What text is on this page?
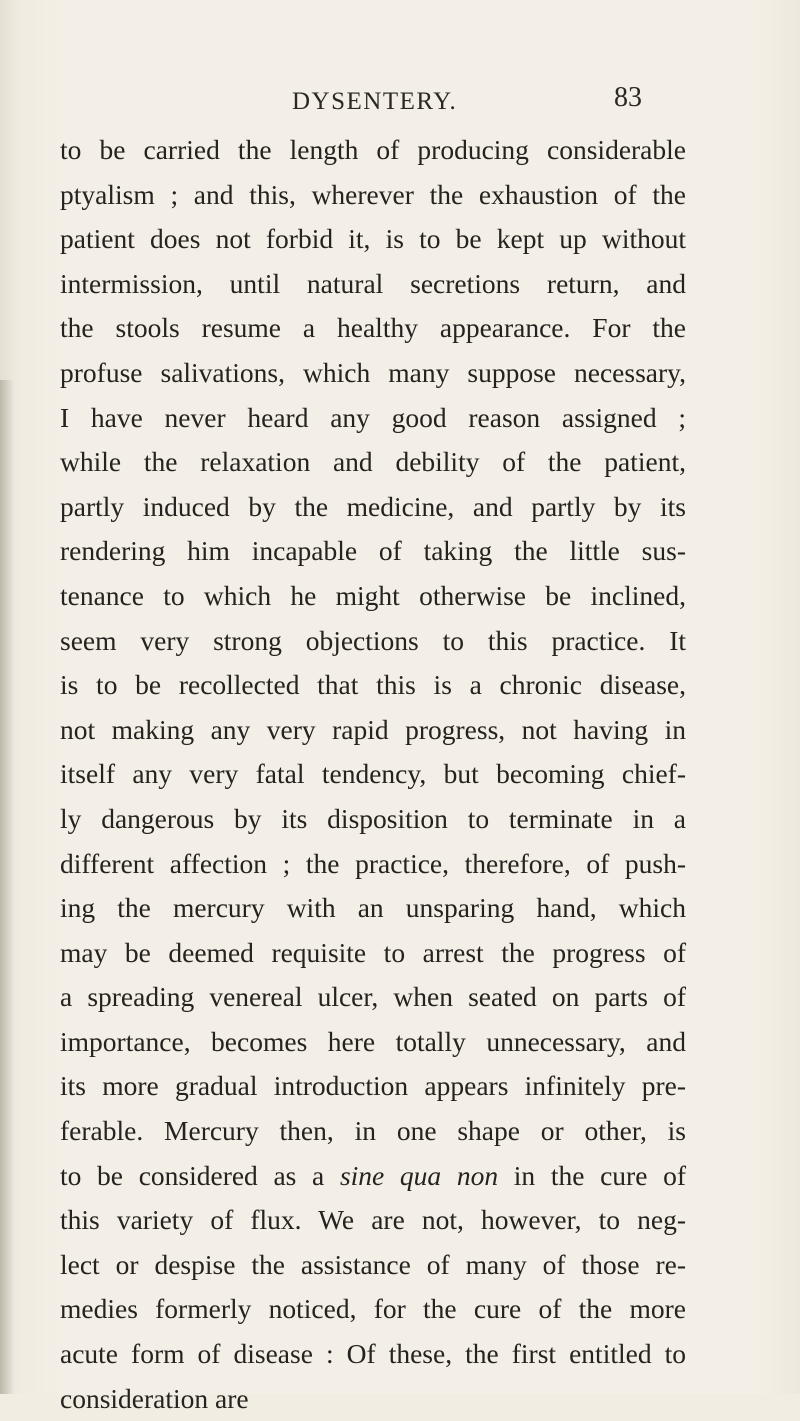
DYSENTERY.	83
to be carried the length of producing considerable
ptyalism ; and this, wherever the exhaustion of the
patient does not forbid it, is to be kept up without
intermission, until natural secretions return, and
the stools resume a healthy appearance. For the
profuse salivations, which many suppose necessary,
I have never heard any good reason assigned ;
while the relaxation and debility of the patient,
partly induced by the medicine, and partly by its
rendering him incapable of taking the little sus-
tenance to which he might otherwise be inclined,
seem very strong objections to this practice. It
is to be recollected that this is a chronic disease,
not making any very rapid progress, not having in
itself any very fatal tendency, but becoming chief-
ly dangerous by its disposition to terminate in a
different affection ; the practice, therefore, of push-
ing the mercury with an unsparing hand, which
may be deemed requisite to arrest the progress of
a spreading venereal ulcer, when seated on parts of
importance, becomes here totally unnecessary, and
its more gradual introduction appears infinitely pre-
ferable. Mercury then, in one shape or other, is
to be considered as a sine qua non in the cure of
this variety of flux. We are not, however, to neg-
lect or despise the assistance of many of those re-
medies formerly noticed, for the cure of the more
acute form of disease : Of these, the first entitled to
consideration are
